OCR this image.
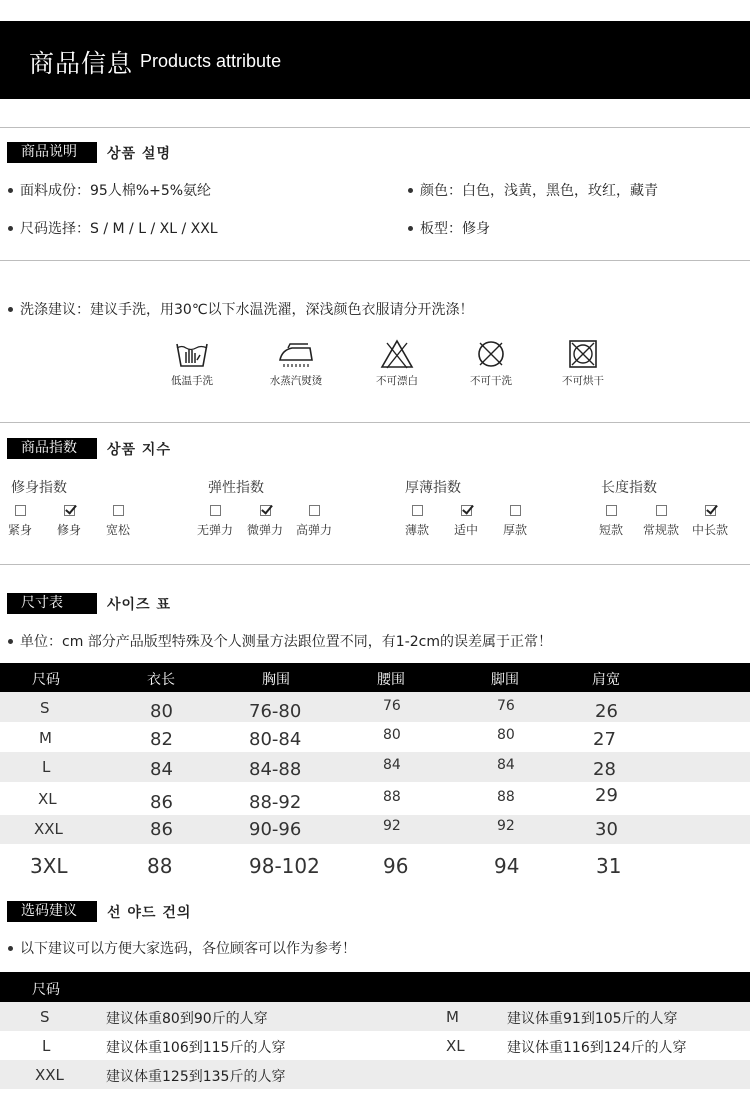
商品信息 Products attribute
商品说明	상품 설명
面料成份：95人棉%+5%氨纶	颜色：白色，浅黄，黑色，玫红，藏青
尺码选择：S / M / L / XL / XXL	板型：修身
洗涤建议：建议手洗，用30℃以下水温洗濯，深浅颜色衣服请分开洗涤！
低温手洗	水蒸汽熨烫	不可漂白	不可干洗	不可烘干
商品指数	상품 지수
修身指数	弹性指数	厚薄指数	长度指数
紧身	修身	宽松	无弹力 微弹力 高弹力	薄款	适中	厚款	短款	常规款 中长款
尺寸表	사이즈 표
单位：cm 部分产品版型特殊及个人测量方法跟位置不同，有1-2cm的误差属于正常！
尺码	衣长	胸围	腰围	脚围	肩宽
S	80	76-80	76	76	26
M	82	80-84	80	80	27
L	84	84-88	84	84	28
XL	86	88-92	88	88	29
XXL	86	90-96	92	92	30
3XL	88	98-102	96	94	31
选码建议	선 야드 건의
以下建议可以方便大家选码，各位顾客可以作为参考！
尺码
S	建议体重80到90斤的人穿	M	建议体重91到105斤的人穿
L	建议体重106到115斤的人穿	XL	建议体重116到124斤的人穿
XXL	建议体重125到135斤的人穿
